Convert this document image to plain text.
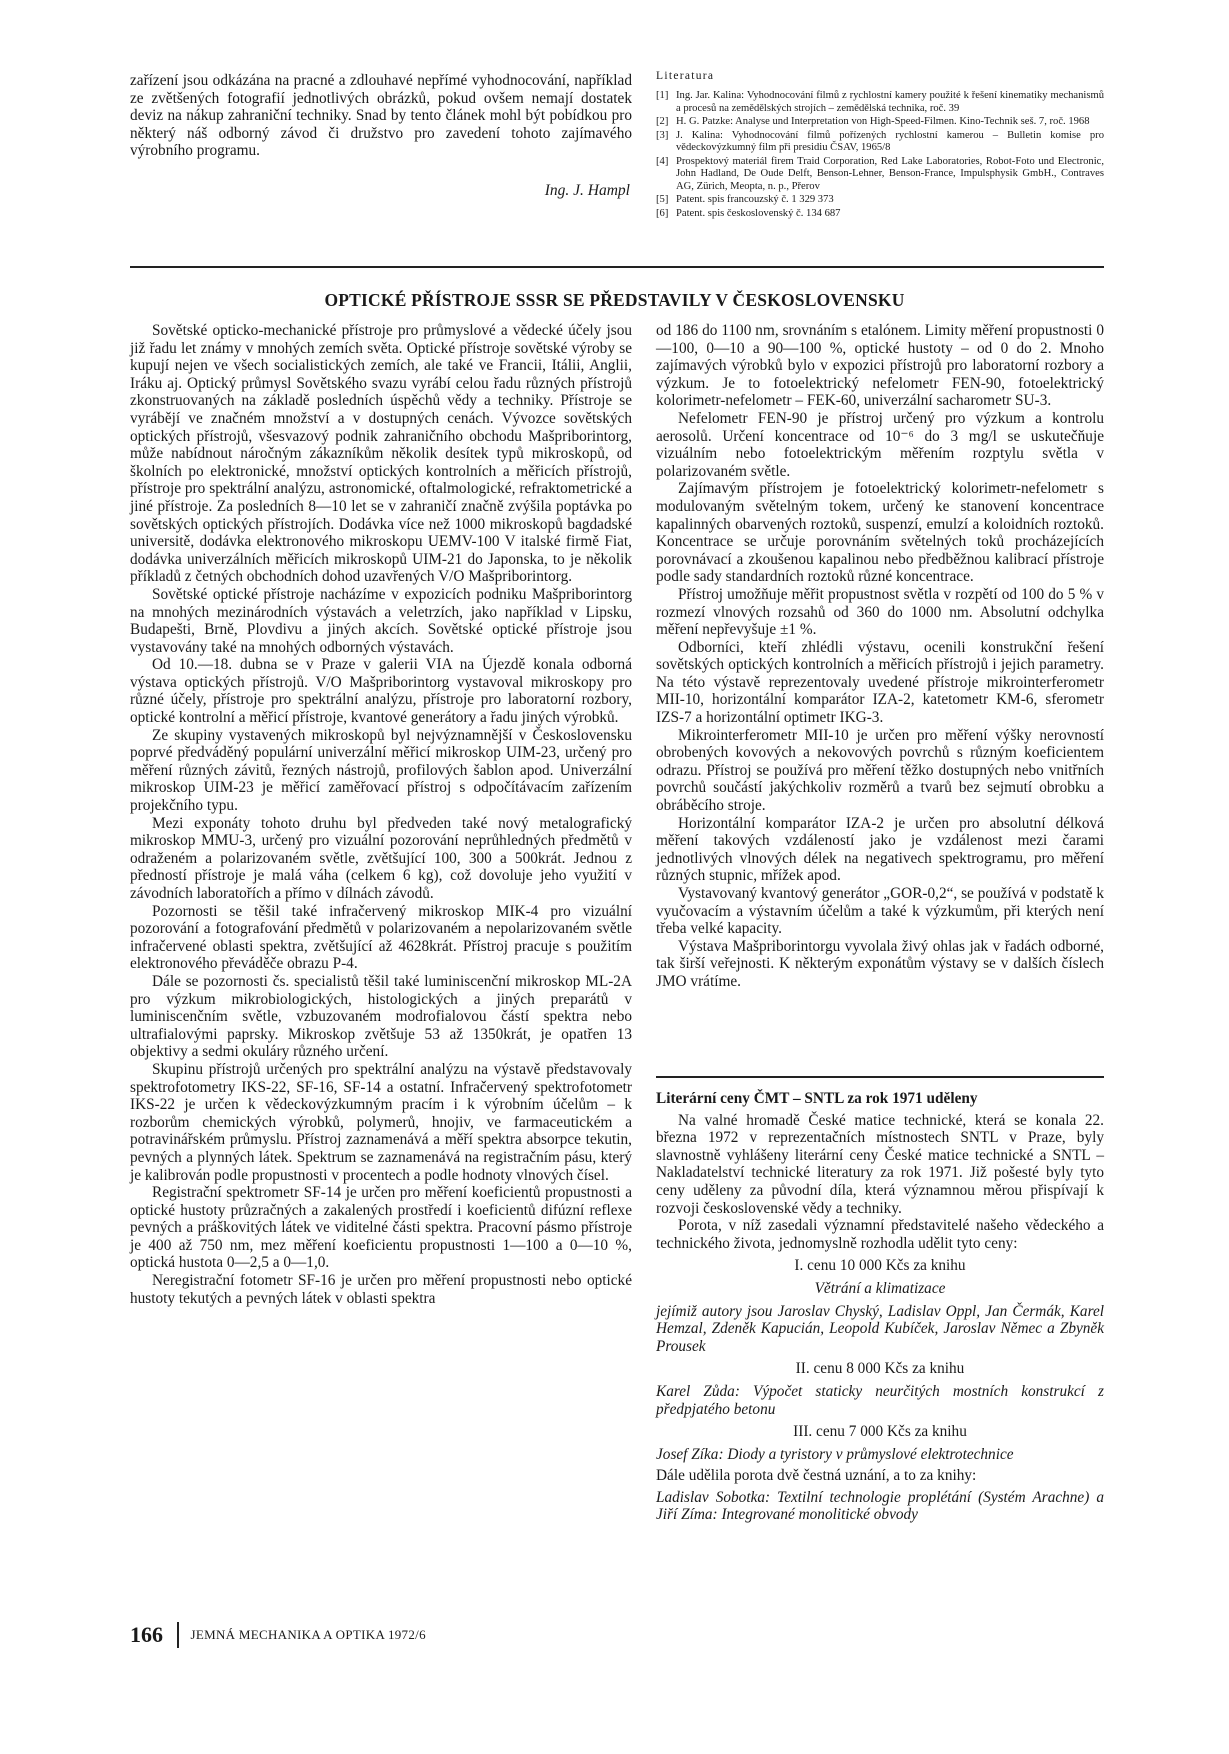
zařízení jsou odkázána na pracné a zdlouhavé nepřímé vyhodnocování, například ze zvětšených fotografií jednotlivých obrázků, pokud ovšem nemají dostatek deviz na nákup zahraniční techniky. Snad by tento článek mohl být pobídkou pro některý náš odborný závod či družstvo pro zavedení tohoto zajímavého výrobního programu.

Ing. J. Hampl
Literatura
[1] Ing. Jar. Kalina: Vyhodnocování filmů z rychlostní kamery použité k řešení kinematiky mechanismů a procesů na zemědělských strojích – zemědělská technika, roč. 39
[2] H. G. Patzke: Analyse und Interpretation von High-Speed-Filmen. Kino-Technik seš. 7, roč. 1968
[3] J. Kalina: Vyhodnocování filmů pořízených rychlostní kamerou – Bulletin komise pro vědeckovýzkumný film při presidiu ČSAV, 1965/8
[4] Prospektový materiál firem Traid Corporation, Red Lake Laboratories, Robot-Foto und Electronic, John Hadland, De Oude Delft, Benson-Lehner, Benson-France, Impulsphysik GmbH., Contraves AG, Zürich, Meopta, n. p., Přerov
[5] Patent. spis francouzský č. 1 329 373
[6] Patent. spis československý č. 134 687
OPTICKÉ PŘÍSTROJE SSSR SE PŘEDSTAVILY V ČESKOSLOVENSKU

Sovětské opticko-mechanické přístroje pro průmyslové a vědecké účely jsou již řadu let známy v mnohých zemích světa. Optické přístroje sovětské výroby se kupují nejen ve všech socialistických zemích, ale také ve Francii, Itálii, Anglii, Iráku aj. Optický průmysl Sovětského svazu vyrábí celou řadu různých přístrojů zkonstruovaných na základě posledních úspěchů vědy a techniky. Přístroje se vyrábějí ve značném množství a v dostupných cenách. Vývozce sovětských optických přístrojů, všesvazový podnik zahraničního obchodu Mašpriborintorg, může nabídnout náročným zákazníkům několik desítek typů mikroskopů, od školních po elektronické, množství optických kontrolních a měřicích přístrojů, přístroje pro spektrální analýzu, astronomické, oftalmologické, refraktometrické a jiné přístroje. Za posledních 8—10 let se v zahraničí značně zvýšila poptávka po sovětských optických přístrojích. Dodávka více než 1000 mikroskopů bagdadské universitě, dodávka elektronového mikroskopu UEMV-100 V italské firmě Fiat, dodávka univerzálních měřicích mikroskopů UIM-21 do Japonska, to je několik příkladů z četných obchodních dohod uzavřených V/O Mašpriborintorg.

Sovětské optické přístroje nacházíme v expozicích podniku Mašpriborintorg na mnohých mezinárodních výstavách a veletrzích, jako například v Lipsku, Budapešti, Brně, Plovdivu a jiných akcích. Sovětské optické přístroje jsou vystavovány také na mnohých odborných výstavách.

Od 10.—18. dubna se v Praze v galerii VIA na Újezdě konala odborná výstava optických přístrojů. V/O Mašpriborintorg vystavoval mikroskopy pro různé účely, přístroje pro spektrální analýzu, přístroje pro laboratorní rozbory, optické kontrolní a měřicí přístroje, kvantové generátory a řadu jiných výrobků.

Ze skupiny vystavených mikroskopů byl nejvýznamnější v Československu poprvé předváděný populární univerzální měřicí mikroskop UIM-23, určený pro měření různých závitů, řezných nástrojů, profilových šablon apod. Univerzální mikroskop UIM-23 je měřicí zaměřovací přístroj s odpočítávacím zařízením projekčního typu.

Mezi exponáty tohoto druhu byl předveden také nový metalografický mikroskop MMU-3, určený pro vizuální pozorování neprůhledných předmětů v odraženém a polarizovaném světle, zvětšující 100, 300 a 500krát. Jednou z předností přístroje je malá váha (celkem 6 kg), což dovoluje jeho využití v závodních laboratořích a přímo v dílnách závodů.

Pozornosti se těšil také infračervený mikroskop MIK-4 pro vizuální pozorování a fotografování předmětů v polarizovaném a nepolarizovaném světle infračervené oblasti spektra, zvětšující až 4628krát. Přístroj pracuje s použitím elektronového převáděče obrazu P-4.

Dále se pozornosti čs. specialistů těšil také luminiscenční mikroskop ML-2A pro výzkum mikrobiologických, histologických a jiných preparátů v luminiscenčním světle, vzbuzovaném modrofialovou částí spektra nebo ultrafialovými paprsky. Mikroskop zvětšuje 53 až 1350krát, je opatřen 13 objektivy a sedmi okuláry různého určení.

Skupinu přístrojů určených pro spektrální analýzu na výstavě představovaly spektrofotometry IKS-22, SF-16, SF-14 a ostatní. Infračervený spektrofotometr IKS-22 je určen k vědeckovýzkumným pracím i k výrobním účelům – k rozborům chemických výrobků, polymerů, hnojiv, ve farmaceutickém a potravinářském průmyslu. Přístroj zaznamenává a měří spektra absorpce tekutin, pevných a plynných látek. Spektrum se zaznamenává na registračním pásu, který je kalibrován podle propustnosti v procentech a podle hodnoty vlnových čísel.

Registrační spektrometr SF-14 je určen pro měření koeficientů propustnosti a optické hustoty průzračných a zakalených prostředí i koeficientů difúzní reflexe pevných a práškovitých látek ve viditelné části spektra. Pracovní pásmo přístroje je 400 až 750 nm, mez měření koeficientu propustnosti 1—100 a 0—10 %, optická hustota 0—2,5 a 0—1,0.

Neregistrační fotometr SF-16 je určen pro měření propustnosti nebo optické hustoty tekutých a pevných látek v oblasti spektra

od 186 do 1100 nm, srovnáním s etalónem. Limity měření propustnosti 0—100, 0—10 a 90—100 %, optické hustoty – od 0 do 2. Mnoho zajímavých výrobků bylo v expozici přístrojů pro laboratorní rozbory a výzkum. Je to fotoelektrický nefelometr FEN-90, fotoelektrický kolorimetr-nefelometr – FEK-60, univerzální sacharometr SU-3.

Nefelometr FEN-90 je přístroj určený pro výzkum a kontrolu aerosolů. Určení koncentrace od 10⁻⁶ do 3 mg/l se uskutečňuje vizuálním nebo fotoelektrickým měřením rozptylu světla v polarizovaném světle.

Zajímavým přístrojem je fotoelektrický kolorimetr-nefelometr s modulovaným světelným tokem, určený ke stanovení koncentrace kapalinných obarvených roztoků, suspenzí, emulzí a koloidních roztoků. Koncentrace se určuje porovnáním světelných toků procházejících porovnávací a zkoušenou kapalinou nebo předběžnou kalibrací přístroje podle sady standardních roztoků různé koncentrace.

Přístroj umožňuje měřit propustnost světla v rozpětí od 100 do 5 % v rozmezí vlnových rozsahů od 360 do 1000 nm. Absolutní odchylka měření nepřevyšuje ±1 %.

Odborníci, kteří zhlédli výstavu, ocenili konstrukční řešení sovětských optických kontrolních a měřicích přístrojů i jejich parametry. Na této výstavě reprezentovaly uvedené přístroje mikrointerferometr MII-10, horizontální komparátor IZA-2, katetometr KM-6, sferometr IZS-7 a horizontální optimetr IKG-3.

Mikrointerferometr MII-10 je určen pro měření výšky nerovností obrobených kovových a nekovových povrchů s různým koeficientem odrazu. Přístroj se používá pro měření těžko dostupných nebo vnitřních povrchů součástí jakýchkoliv rozměrů a tvarů bez sejmutí obrobku a obráběcího stroje.

Horizontální komparátor IZA-2 je určen pro absolutní délková měření takových vzdáleností jako je vzdálenost mezi čarami jednotlivých vlnových délek na negativech spektrogramu, pro měření různých stupnic, mřížek apod.

Vystavovaný kvantový generátor „GOR-0,2“, se používá v podstatě k vyučovacím a výstavním účelům a také k výzkumům, při kterých není třeba velké kapacity.

Výstava Mašpriborintorgu vyvolala živý ohlas jak v řadách odborné, tak širší veřejnosti. K některým exponátům výstavy se v dalších číslech JMO vrátíme.

Literární ceny ČMT – SNTL za rok 1971 uděleny

Na valné hromadě České matice technické, která se konala 22. března 1972 v reprezentačních místnostech SNTL v Praze, byly slavnostně vyhlášeny literární ceny České matice technické a SNTL – Nakladatelství technické literatury za rok 1971. Již pošesté byly tyto ceny uděleny za původní díla, která významnou měrou přispívají k rozvoji československé vědy a techniky.

Porota, v níž zasedali významní představitelé našeho vědeckého a technického života, jednomyslně rozhodla udělit tyto ceny:

I. cenu 10 000 Kčs za knihu

Větrání a klimatizace

jejímiž autory jsou Jaroslav Chyský, Ladislav Oppl, Jan Čermák, Karel Hemzal, Zdeněk Kapucián, Leopold Kubíček, Jaroslav Němec a Zbyněk Prousek

II. cenu 8 000 Kčs za knihu

Karel Zůda: Výpočet staticky neurčitých mostních konstrukcí z předpjatého betonu

III. cenu 7 000 Kčs za knihu

Josef Zíka: Diody a tyristory v průmyslové elektrotechnice

Dále udělila porota dvě čestná uznání, a to za knihy:

Ladislav Sobotka: Textilní technologie proplétání (Systém Arachne) a Jiří Zíma: Integrované monolitické obvody

166 JEMNÁ MECHANIKA A OPTIKA 1972/6
